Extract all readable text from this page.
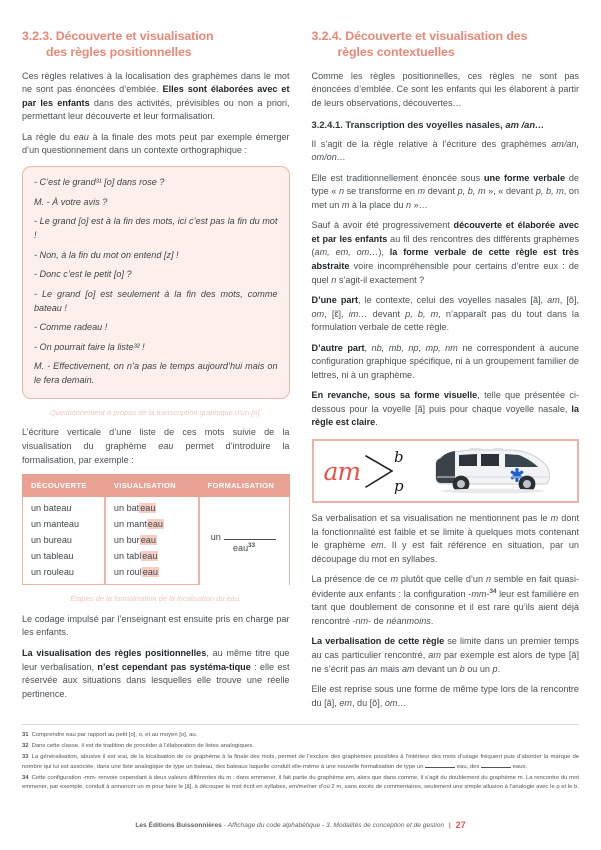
3.2.3. Découverte et visualisation
des règles positionnelles

Ces règles relatives à la localisation des graphèmes dans le mot ne sont pas énoncées d’emblée. Elles sont élaborées avec et par les enfants dans des activités, prévisibles ou non a priori, permettant leur découverte et leur formalisation.

La règle du eau à la finale des mots peut par exemple émerger d’un questionnement dans un contexte orthographique :

- C’est le grand³¹ [o] dans rose ?

M. - À votre avis ?

- Le grand [o] est à la fin des mots, ici c’est pas la fin du mot !

- Non, à la fin du mot on entend [z] !

- Donc c’est le petit [o] ?

- Le grand [o] est seulement à la fin des mots, comme bateau !

- Comme radeau !

- On pourrait faire la liste³² !

M. - Effectivement, on n’a pas le temps aujourd’hui mais on le fera demain.

Questionnement à propos de la transcription graphique d’un [o].

L’écriture verticale d’une liste de ces mots suivie de la visualisation du graphème eau permet d’introduire la formalisation, par exemple :

DÉCOUVERTE	VISUALISATION	FORMALISATION
un bateau	un bateau	un eau$^{33}$
un manteau	un manteau	
un bureau	un bureau	
un tableau	un tableau	
un rouleau	un rouleau	
Étapes de la formalisation de la localisation du eau.

Le codage impulsé par l’enseignant est ensuite pris en charge par les enfants.

La visualisation des règles positionnelles, au même titre que leur verbalisation, n’est cependant pas systéma-tique : elle est réservée aux situations dans lesquelles elle trouve une réelle pertinence.

3.2.4. Découverte et visualisation des
règles contextuelles

Comme les règles positionnelles, ces règles ne sont pas énoncées d’emblée. Ce sont les enfants qui les élaborent à partir de leurs observations, découvertes…

3.2.4.1. Transcription des voyelles nasales, am /an…

Il s’agit de la règle relative à l’écriture des graphèmes am/an, om/on…

Elle est traditionnellement énoncée sous une forme verbale de type « n se transforme en m devant p, b, m », « devant p, b, m, on met un m à la place du n »…

Sauf à avoir été progressivement découverte et élaborée avec et par les enfants au fil des rencontres des différents graphèmes (am, em, om…), la forme verbale de cette règle est très abstraite voire incompréhensible pour certains d’entre eux : de quel n s’agit-il exactement ?

D’une part, le contexte, celui des voyelles nasales [ã], am, [õ], om, [ɛ̃], im… devant p, b, m, n’apparaît pas du tout dans la formulation verbale de cette règle.

D’autre part, nb, mb, np, mp, nm ne correspondent à aucune configuration graphique spécifique, ni à un groupement familier de lettres, ni à un graphème.

En revanche, sous sa forme visuelle, telle que présentée ci-dessous pour la voyelle [ã] puis pour chaque voyelle nasale, la règle est claire.

am b
p

Sa verbalisation et sa visualisation ne mentionnent pas le m dont la fonctionnalité est faible et se limite à quelques mots contenant le graphème em. Il y est fait référence en situation, par un découpage du mot en syllabes.

La présence de ce m plutôt que celle d’un n semble en fait quasi-évidente aux enfants : la configuration -mm-$^{34}$ leur est familière en tant que doublement de consonne et il est rare qu’ils aient déjà rencontré -nm- de néanmoins.

La verbalisation de cette règle se limite dans un premier temps au cas particulier rencontré, am par exemple est alors de type [ã] ne s’écrit pas an mais am devant un b ou un p.

Elle est reprise sous une forme de même type lors de la rencontre du [ã], em, du [õ], om…

31 Comprendre eau par rapport au petit [o], o, et au moyen [o], au.

32 Dans cette classe, il est de tradition de procéder à l’élaboration de listes analogiques.

33 La généralisation, abusive il est vrai, de la localisation de ce graphème à la finale des mots, permet de l’exclure des graphèmes possibles à l’intérieur des mots d’usage fréquent puis d’aborder la marque de nombre qui lui est associée, dans une liste analogique de type un bateau, des bateaux laquelle conduit elle-même à une nouvelle formalisation de type un	eau, des	eaux.

34 Cette configuration -mm- renvoie cependant à deux valeurs différentes du m : dans emmener, il fait partie du graphème em, alors que dans comme, il s’agit du doublement du graphème m. La rencontre du mot emmener, par exemple, conduit à annoncer un m pour faire le [ã], à découper le mot écrit en syllabes, em/me/ner d’où 2 m, sans excès de commentaires, seulement une simple allusion à l’analogie avec le p et le b.

Les Éditions Buissonnières - Affichage du code alphabétique - 3. Modalités de conception et de gestion | 27
